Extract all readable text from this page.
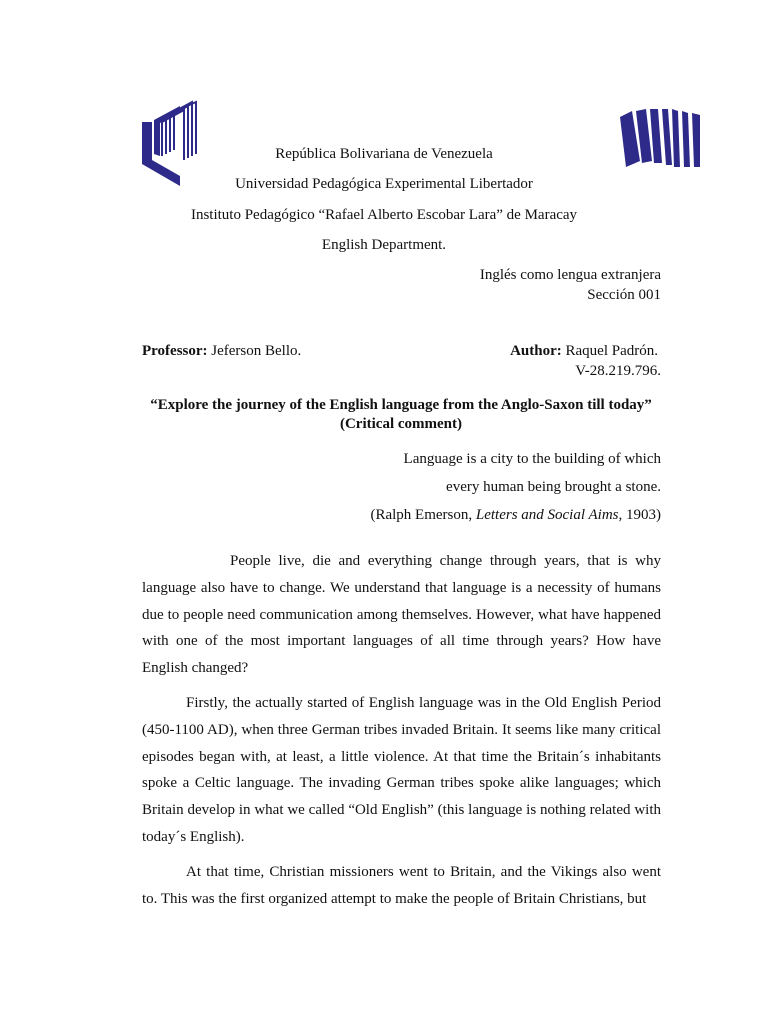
República Bolivariana de Venezuela
Universidad Pedagógica Experimental Libertador
Instituto Pedagógico “Rafael Alberto Escobar Lara” de Maracay
English Department.
Inglés como lengua extranjera
Sección 001
Professor: Jeferson Bello.	Author: Raquel Padrón.
V-28.219.796.
“Explore the journey of the English language from the Anglo-Saxon till today”
(Critical comment)
Language is a city to the building of which
every human being brought a stone.
(Ralph Emerson, Letters and Social Aims, 1903)

People live, die and everything change through years, that is why language also have to change. We understand that language is a necessity of humans due to people need communication among themselves. However, what have happened with one of the most important languages of all time through years? How have English changed?

Firstly, the actually started of English language was in the Old English Period (450-1100 AD), when three German tribes invaded Britain. It seems like many critical episodes began with, at least, a little violence. At that time the Britain´s inhabitants spoke a Celtic language. The invading German tribes spoke alike languages; which Britain develop in what we called “Old English” (this language is nothing related with today´s English).

At that time, Christian missioners went to Britain, and the Vikings also went to. This was the first organized attempt to make the people of Britain Christians, but
